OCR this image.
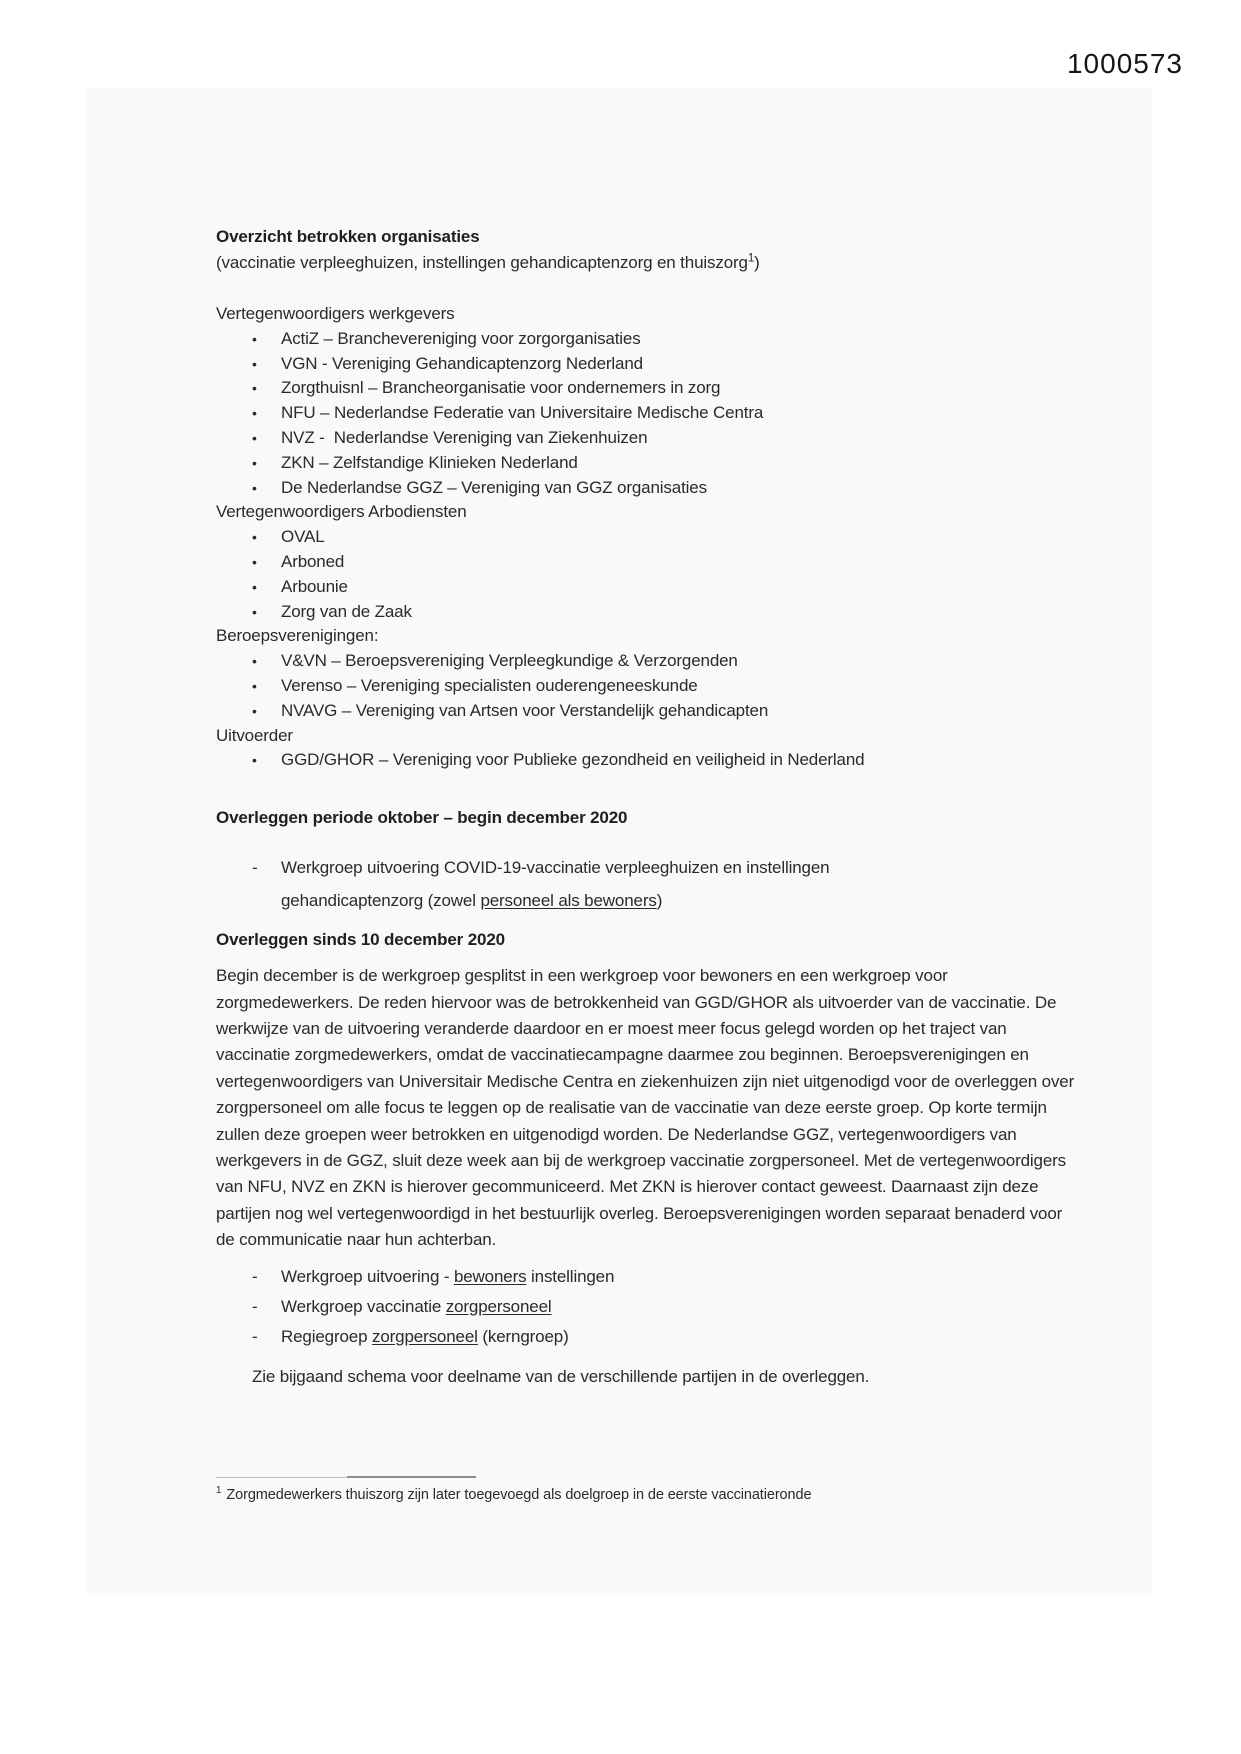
1000573
Overzicht betrokken organisaties
(vaccinatie verpleeghuizen, instellingen gehandicaptenzorg en thuiszorg$^1$)
Vertegenwoordigers werkgevers
• ActiZ – Branchevereniging voor zorgorganisaties
• VGN - Vereniging Gehandicaptenzorg Nederland
• Zorgthuisnl – Brancheorganisatie voor ondernemers in zorg
• NFU – Nederlandse Federatie van Universitaire Medische Centra
• NVZ -  Nederlandse Vereniging van Ziekenhuizen
• ZKN – Zelfstandige Klinieken Nederland
• De Nederlandse GGZ – Vereniging van GGZ organisaties
Vertegenwoordigers Arbodiensten
• OVAL
• Arboned
• Arbounie
• Zorg van de Zaak
Beroepsverenigingen:
• V&VN – Beroepsvereniging Verpleegkundige & Verzorgenden
• Verenso – Vereniging specialisten ouderengeneeskunde
• NVAVG – Vereniging van Artsen voor Verstandelijk gehandicapten
Uitvoerder
• GGD/GHOR – Vereniging voor Publieke gezondheid en veiligheid in Nederland
Overleggen periode oktober – begin december 2020
- Werkgroep uitvoering COVID-19-vaccinatie verpleeghuizen en instellingen gehandicaptenzorg (zowel personeel als bewoners)
Overleggen sinds 10 december 2020
Begin december is de werkgroep gesplitst in een werkgroep voor bewoners en een werkgroep voor zorgmedewerkers. De reden hiervoor was de betrokkenheid van GGD/GHOR als uitvoerder van de vaccinatie. De werkwijze van de uitvoering veranderde daardoor en er moest meer focus gelegd worden op het traject van vaccinatie zorgmedewerkers, omdat de vaccinatiecampagne daarmee zou beginnen. Beroepsverenigingen en vertegenwoordigers van Universitair Medische Centra en ziekenhuizen zijn niet uitgenodigd voor de overleggen over zorgpersoneel om alle focus te leggen op de realisatie van de vaccinatie van deze eerste groep. Op korte termijn zullen deze groepen weer betrokken en uitgenodigd worden. De Nederlandse GGZ, vertegenwoordigers van werkgevers in de GGZ, sluit deze week aan bij de werkgroep vaccinatie zorgpersoneel. Met de vertegenwoordigers van NFU, NVZ en ZKN is hierover gecommuniceerd. Met ZKN is hierover contact geweest. Daarnaast zijn deze partijen nog wel vertegenwoordigd in het bestuurlijk overleg. Beroepsverenigingen worden separaat benaderd voor de communicatie naar hun achterban.
- Werkgroep uitvoering - bewoners instellingen
- Werkgroep vaccinatie zorgpersoneel
- Regiegroep zorgpersoneel (kerngroep)
Zie bijgaand schema voor deelname van de verschillende partijen in de overleggen.
$^1$ Zorgmedewerkers thuiszorg zijn later toegevoegd als doelgroep in de eerste vaccinatieronde
